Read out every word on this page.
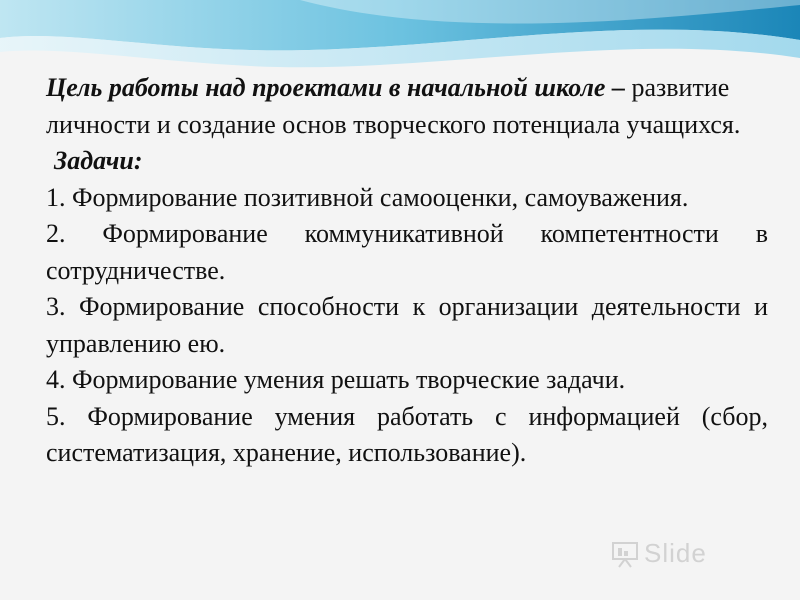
Цель работы над проектами в начальной школе – развитие личности и создание основ творческого потенциала учащихся.
Задачи:
1. Формирование позитивной самооценки, самоуважения.
2. Формирование коммуникативной компетентности в сотрудничестве.
3. Формирование способности к организации деятельности и управлению ею.
4. Формирование умения решать творческие задачи.
5. Формирование умения работать с информацией (сбор, систематизация, хранение, использование).
Slide
